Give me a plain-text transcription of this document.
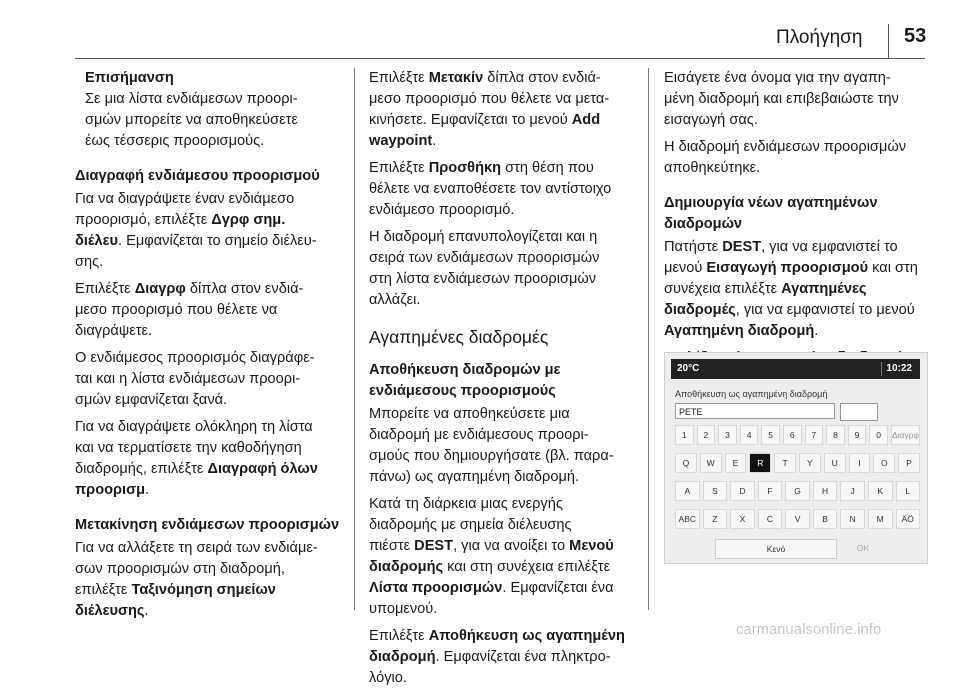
Πλοήγηση 53
Επισήμανση
Σε μια λίστα ενδιάμεσων προορι-
σμών μπορείτε να αποθηκεύσετε
έως τέσσερις προορισμούς.
Διαγραφή ενδιάμεσου προορισμού

Για να διαγράψετε έναν ενδιάμεσο
προορισμό, επιλέξτε Δγρφ σημ.
διέλευ. Εμφανίζεται το σημείο διέλευ-
σης.

Επιλέξτε Διαγρφ δίπλα στον ενδιά-
μεσο προορισμό που θέλετε να
διαγράψετε.

Ο ενδιάμεσος προορισμός διαγράφε-
ται και η λίστα ενδιάμεσων προορι-
σμών εμφανίζεται ξανά.

Για να διαγράψετε ολόκληρη τη λίστα
και να τερματίσετε την καθοδήγηση
διαδρομής, επιλέξτε Διαγραφή όλων
προορισμ.

Μετακίνηση ενδιάμεσων προορισμών

Για να αλλάξετε τη σειρά των ενδιάμε-
σων προορισμών στη διαδρομή,
επιλέξτε Ταξινόμηση σημείων
διέλευσης.

Επιλέξτε Μετακίν δίπλα στον ενδιά-
μεσο προορισμό που θέλετε να μετα-
κινήσετε. Εμφανίζεται το μενού Add
waypoint.

Επιλέξτε Προσθήκη στη θέση που
θέλετε να εναποθέσετε τον αντίστοιχο
ενδιάμεσο προορισμό.

Η διαδρομή επανυπολογίζεται και η
σειρά των ενδιάμεσων προορισμών
στη λίστα ενδιάμεσων προορισμών
αλλάζει.

Αγαπημένες διαδρομές
Αποθήκευση διαδρομών με
ενδιάμεσους προορισμούς

Μπορείτε να αποθηκεύσετε μια
διαδρομή με ενδιάμεσους προορι-
σμούς που δημιουργήσατε (βλ. παρα-
πάνω) ως αγαπημένη διαδρομή.

Κατά τη διάρκεια μιας ενεργής
διαδρομής με σημεία διέλευσης
πιέστε DEST, για να ανοίξει το Μενού
διαδρομής και στη συνέχεια επιλέξτε
Λίστα προορισμών. Εμφανίζεται ένα
υπομενού.

Επιλέξτε Αποθήκευση ως αγαπημένη
διαδρομή. Εμφανίζεται ένα πληκτρο-
λόγιο.

Εισάγετε ένα όνομα για την αγαπη-
μένη διαδρομή και επιβεβαιώστε την
εισαγωγή σας.

Η διαδρομή ενδιάμεσων προορισμών
αποθηκεύτηκε.

Δημιουργία νέων αγαπημένων
διαδρομών

Πατήστε DEST, για να εμφανιστεί το
μενού Εισαγωγή προορισμού και στη
συνέχεια επιλέξτε Αγαπημένες
διαδρομές, για να εμφανιστεί το μενού
Αγαπημένη διαδρομή.

20°C	10:22
Αποθήκευση ως αγαπημένη διαδρομή
PETE
1	2	3	4	5	6	7	8	9	0	Διαγρφ
Q	W	E	R	T	Y	U	I	O	P
A	S	D	F	G	H	J	K	L
ABC	Z	X	C	V	B	N	M	ÄÖ
Κενό	OK
carmanualsonline.info
